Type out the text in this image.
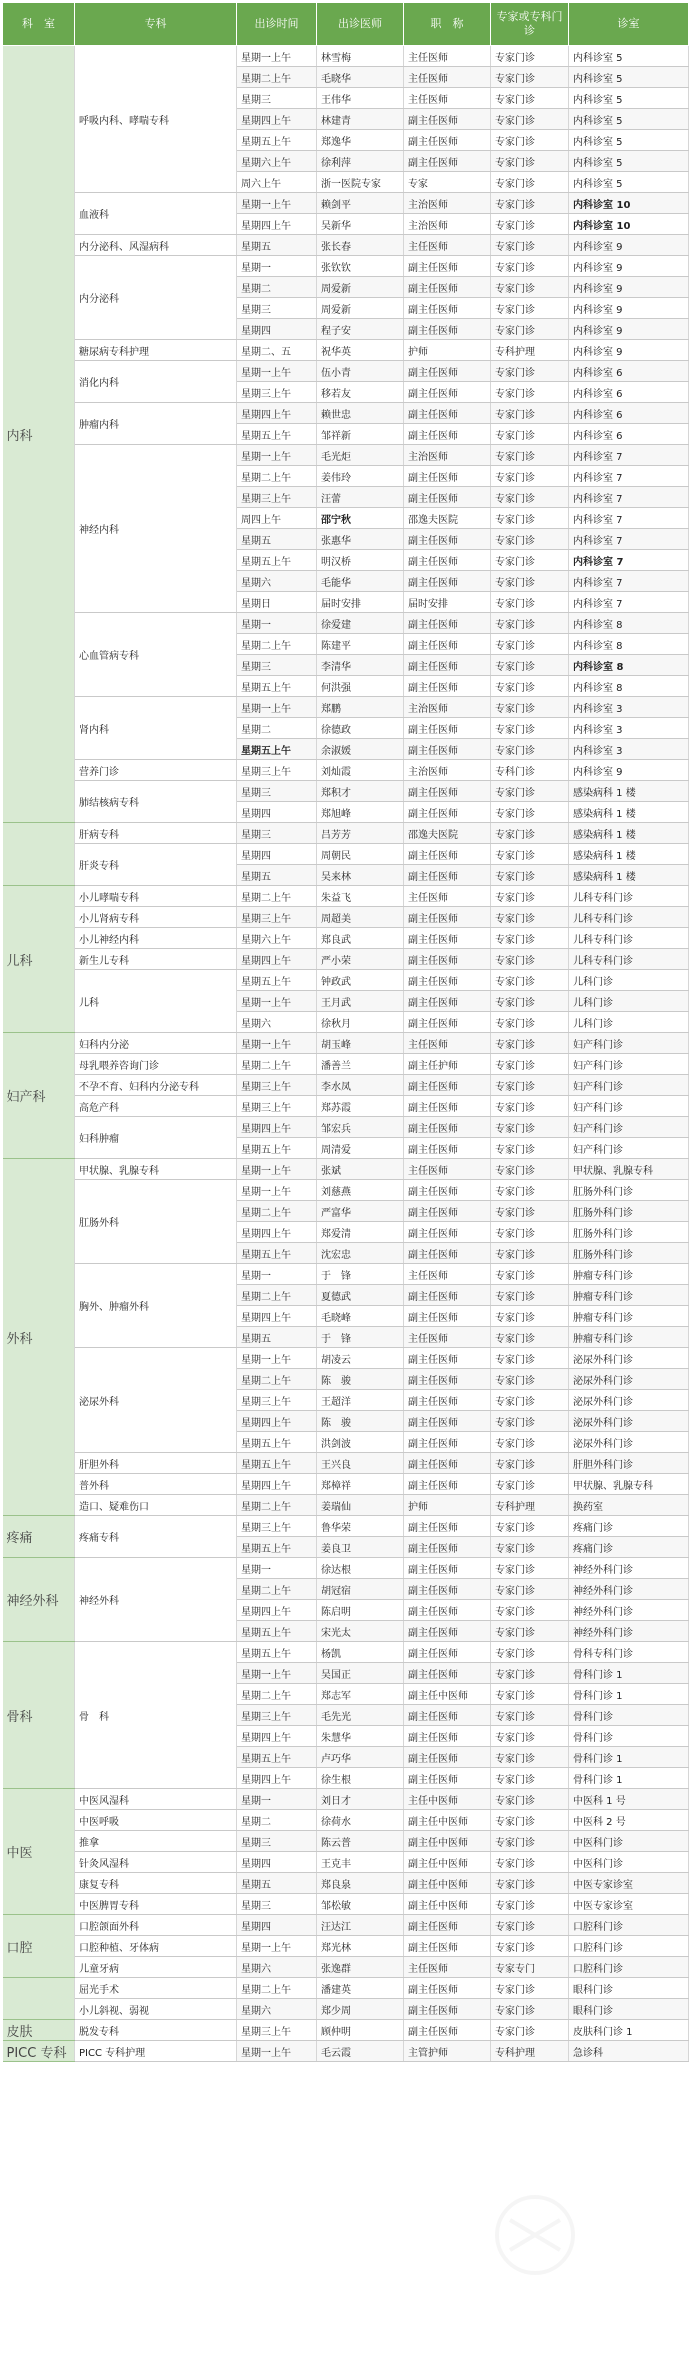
科　室	专科	出诊时间	出诊医师	职　称	专家或专科门诊	诊室
内科	呼吸内科、哮喘专科	星期一上午	林雪梅	主任医师	专家门诊	内科诊室 5
		星期二上午	毛晓华	主任医师	专家门诊	内科诊室 5
		星期三	王伟华	主任医师	专家门诊	内科诊室 5
		星期四上午	林建青	副主任医师	专家门诊	内科诊室 5
		星期五上午	郑逸华	副主任医师	专家门诊	内科诊室 5
		星期六上午	徐利萍	副主任医师	专家门诊	内科诊室 5
		周六上午	浙一医院专家	专家	专家门诊	内科诊室 5
	血液科	星期一上午	赖剑平	主治医师	专家门诊	内科诊室 10
		星期四上午	吴新华	主治医师	专家门诊	内科诊室 10
	内分泌科、风湿病科	星期五	张长春	主任医师	专家门诊	内科诊室 9
	内分泌科	星期一	张钦钦	副主任医师	专家门诊	内科诊室 9
		星期二	周爱新	副主任医师	专家门诊	内科诊室 9
		星期三	周爱新	副主任医师	专家门诊	内科诊室 9
		星期四	程子安	副主任医师	专家门诊	内科诊室 9
	糖尿病专科护理	星期二、五	祝华英	护师	专科护理	内科诊室 9
	消化内科	星期一上午	伍小青	副主任医师	专家门诊	内科诊室 6
		星期三上午	移若友	副主任医师	专家门诊	内科诊室 6
	肿瘤内科	星期四上午	赖世忠	副主任医师	专家门诊	内科诊室 6
		星期五上午	邹祥新	副主任医师	专家门诊	内科诊室 6
	神经内科	星期一上午	毛光炬	主治医师	专家门诊	内科诊室 7
		星期二上午	姜伟玲	副主任医师	专家门诊	内科诊室 7
		星期三上午	汪蕾	副主任医师	专家门诊	内科诊室 7
		周四上午	邵宁秋	邵逸夫医院	专家门诊	内科诊室 7
		星期五	张惠华	副主任医师	专家门诊	内科诊室 7
		星期五上午	明汉桥	副主任医师	专家门诊	内科诊室 7
		星期六	毛能华	副主任医师	专家门诊	内科诊室 7
		星期日	届时安排	届时安排	专家门诊	内科诊室 7
	心血管病专科	星期一	徐爱建	副主任医师	专家门诊	内科诊室 8
		星期二上午	陈建平	副主任医师	专家门诊	内科诊室 8
		星期三	李清华	副主任医师	专家门诊	内科诊室 8
		星期五上午	何洪强	副主任医师	专家门诊	内科诊室 8
	肾内科	星期一上午	郑鹏	主治医师	专家门诊	内科诊室 3
		星期二	徐德政	副主任医师	专家门诊	内科诊室 3
		星期五上午	余淑媛	副主任医师	专家门诊	内科诊室 3
	营养门诊	星期三上午	刘灿霞	主治医师	专科门诊	内科诊室 9
	肺结核病专科	星期三	郑积才	副主任医师	专家门诊	感染病科 1 楼
		星期四	郑旭峰	副主任医师	专家门诊	感染病科 1 楼
	肝病专科	星期三	吕芳芳	邵逸夫医院	专家门诊	感染病科 1 楼
	肝炎专科	星期四	周朝民	副主任医师	专家门诊	感染病科 1 楼
		星期五	吴来林	副主任医师	专家门诊	感染病科 1 楼
儿科	小儿哮喘专科	星期二上午	朱益飞	主任医师	专家门诊	儿科专科门诊
	小儿肾病专科	星期三上午	周超美	副主任医师	专家门诊	儿科专科门诊
	小儿神经内科	星期六上午	郑良武	副主任医师	专家门诊	儿科专科门诊
	新生儿专科	星期四上午	严小荣	副主任医师	专家门诊	儿科专科门诊
	儿科	星期五上午	钟政武	副主任医师	专家门诊	儿科门诊
		星期一上午	王月武	副主任医师	专家门诊	儿科门诊
		星期六	徐秋月	副主任医师	专家门诊	儿科门诊
妇产科	妇科内分泌	星期一上午	胡玉峰	主任医师	专家门诊	妇产科门诊
	母乳喂养咨询门诊	星期二上午	潘善兰	副主任护师	专家门诊	妇产科门诊
	不孕不育、妇科内分泌专科	星期三上午	李水凤	副主任医师	专家门诊	妇产科门诊
	高危产科	星期三上午	郑苏霞	副主任医师	专家门诊	妇产科门诊
	妇科肿瘤	星期四上午	邹宏兵	副主任医师	专家门诊	妇产科门诊
		星期五上午	周清爱	副主任医师	专家门诊	妇产科门诊
外科	甲状腺、乳腺专科	星期一上午	张斌	主任医师	专家门诊	甲状腺、乳腺专科
	肛肠外科	星期一上午	刘慈燕	副主任医师	专家门诊	肛肠外科门诊
		星期二上午	严富华	副主任医师	专家门诊	肛肠外科门诊
		星期四上午	郑爱清	副主任医师	专家门诊	肛肠外科门诊
		星期五上午	沈宏忠	副主任医师	专家门诊	肛肠外科门诊
	胸外、肿瘤外科	星期一	于　锋	主任医师	专家门诊	肿瘤专科门诊
		星期二上午	夏德武	副主任医师	专家门诊	肿瘤专科门诊
		星期四上午	毛晓峰	副主任医师	专家门诊	肿瘤专科门诊
		星期五	于　锋	主任医师	专家门诊	肿瘤专科门诊
	泌尿外科	星期一上午	胡凌云	副主任医师	专家门诊	泌尿外科门诊
		星期二上午	陈　骏	副主任医师	专家门诊	泌尿外科门诊
		星期三上午	王超洋	副主任医师	专家门诊	泌尿外科门诊
		星期四上午	陈　骏	副主任医师	专家门诊	泌尿外科门诊
		星期五上午	洪剑波	副主任医师	专家门诊	泌尿外科门诊
	肝胆外科	星期五上午	王兴良	副主任医师	专家门诊	肝胆外科门诊
	普外科	星期四上午	郑樟祥	副主任医师	专家门诊	甲状腺、乳腺专科
	造口、疑难伤口	星期二上午	姜瑞仙	护师	专科护理	换药室
疼痛	疼痛专科	星期三上午	鲁华荣	副主任医师	专家门诊	疼痛门诊
		星期五上午	姜良卫	副主任医师	专家门诊	疼痛门诊
神经外科	神经外科	星期一	徐达根	副主任医师	专家门诊	神经外科门诊
		星期二上午	胡冠宿	副主任医师	专家门诊	神经外科门诊
		星期四上午	陈启明	副主任医师	专家门诊	神经外科门诊
		星期五上午	宋光太	副主任医师	专家门诊	神经外科门诊
骨科	骨　科	星期五上午	杨凯	副主任医师	专家门诊	骨科专科门诊
		星期一上午	吴国正	副主任医师	专家门诊	骨科门诊 1
		星期二上午	郑志军	副主任中医师	专家门诊	骨科门诊 1
		星期三上午	毛先光	副主任医师	专家门诊	骨科门诊
		星期四上午	朱慧华	副主任医师	专家门诊	骨科门诊
		星期五上午	卢巧华	副主任医师	专家门诊	骨科门诊 1
		星期四上午	徐生根	副主任医师	专家门诊	骨科门诊 1
中医	中医风湿科	星期一	刘日才	主任中医师	专家门诊	中医科 1 号
	中医呼吸	星期二	徐荷水	副主任中医师	专家门诊	中医科 2 号
	推拿	星期三	陈云普	副主任中医师	专家门诊	中医科门诊
	针灸风湿科	星期四	王克丰	副主任中医师	专家门诊	中医科门诊
	康复专科	星期五	郑良泉	副主任中医师	专家门诊	中医专家诊室
	中医脾胃专科	星期三	邹松敏	副主任中医师	专家门诊	中医专家诊室
口腔	口腔颌面外科	星期四	汪达江	副主任医师	专家门诊	口腔科门诊
	口腔种植、牙体病	星期一上午	郑光林	副主任医师	专家门诊	口腔科门诊
	儿童牙病	星期六	张逸群	主任医师	专家专门	口腔科门诊
	屈光手术	星期二上午	潘建英	副主任医师	专家门诊	眼科门诊
	小儿斜视、弱视	星期六	郑少周	副主任医师	专家门诊	眼科门诊
皮肤	脱发专科	星期三上午	顾仲明	副主任医师	专家门诊	皮肤科门诊 1
PICC 专科	PICC 专科护理	星期一上午	毛云霞	主管护师	专科护理	急诊科
